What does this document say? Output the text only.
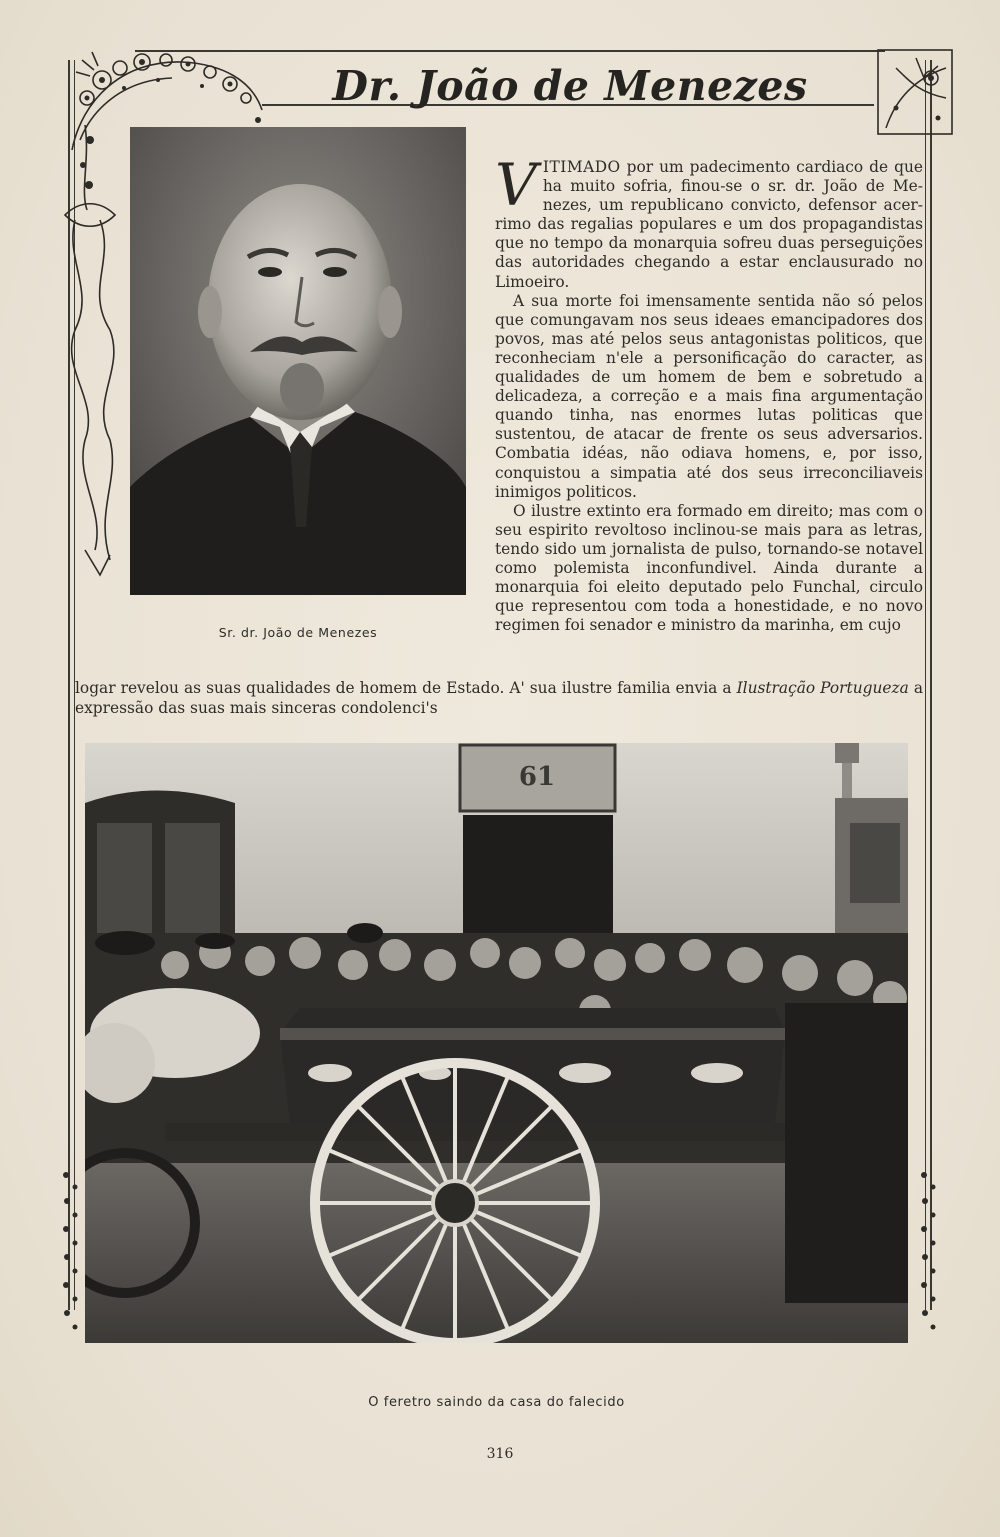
Dr. João de Menezes
Sr. dr. João de Menezes

VITIMADO por um padecimento cardiaco de que ha muito sofria, finou-se o sr. dr. João de Menezes, um republicano convicto, defensor acerrimo das regalias populares e um dos propagandistas que no tempo da monarquia sofreu duas perseguições das autoridades chegando a estar enclausurado no Limoeiro.

A sua morte foi imensamente sentida não só pelos que comungavam nos seus ideaes emancipadores dos povos, mas até pelos seus antagonistas politicos, que reconheciam n'ele a personificação do caracter, as qualidades de um homem de bem e sobretudo a delicadeza, a correção e a mais fina argumentação quando tinha, nas enormes lutas politicas que sustentou, de atacar de frente os seus adversarios. Combatia idéas, não odiava homens, e, por isso, conquistou a simpatia até dos seus irreconciliaveis inimigos politicos.

O ilustre extinto era formado em direito; mas com o seu espirito revoltoso inclinou-se mais para as letras, tendo sido um jornalista de pulso, tornando-se notavel como polemista inconfundivel. Ainda durante a monarquia foi eleito deputado pelo Funchal, circulo que representou com toda a honestidade, e no novo regimen foi senador e ministro da marinha, em cujo

logar revelou as suas qualidades de homem de Estado. A' sua ilustre familia envia a Ilustração Portugueza a expressão das suas mais sinceras condolenci's

61
O feretro saindo da casa do falecido
316
